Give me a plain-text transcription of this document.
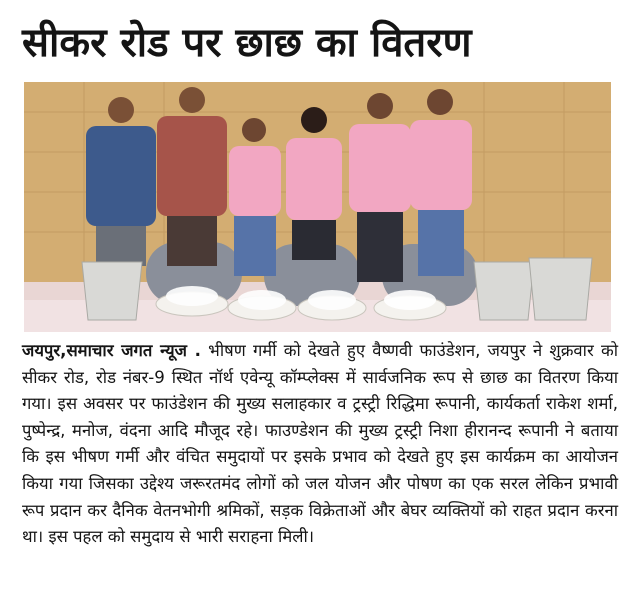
सीकर रोड पर छाछ का वितरण
जयपुर,समाचार जगत न्यूज . भीषण गर्मी को देखते हुए वैष्णवी फाउंडेशन, जयपुर ने शुक्रवार को सीकर रोड, रोड नंबर-9 स्थित नॉर्थ एवेन्यू कॉम्प्लेक्स में सार्वजनिक रूप से छाछ का वितरण किया गया। इस अवसर पर फाउंडेशन की मुख्य सलाहकार व ट्रस्ट्री रिद्धिमा रूपानी, कार्यकर्ता राकेश शर्मा, पुष्पेन्द्र, मनोज, वंदना आदि मौजूद रहे। फाउण्डेशन की मुख्य ट्रस्ट्री निशा हीरानन्द रूपानी ने बताया कि इस भीषण गर्मी और वंचित समुदायों पर इसके प्रभाव को देखते हुए इस कार्यक्रम का आयोजन किया गया जिसका उद्देश्य जरूरतमंद लोगों को जल योजन और पोषण का एक सरल लेकिन प्रभावी रूप प्रदान कर दैनिक वेतनभोगी श्रमिकों, सड़क विक्रेताओं और बेघर व्यक्तियों को राहत प्रदान करना था। इस पहल को समुदाय से भारी सराहना मिली।
